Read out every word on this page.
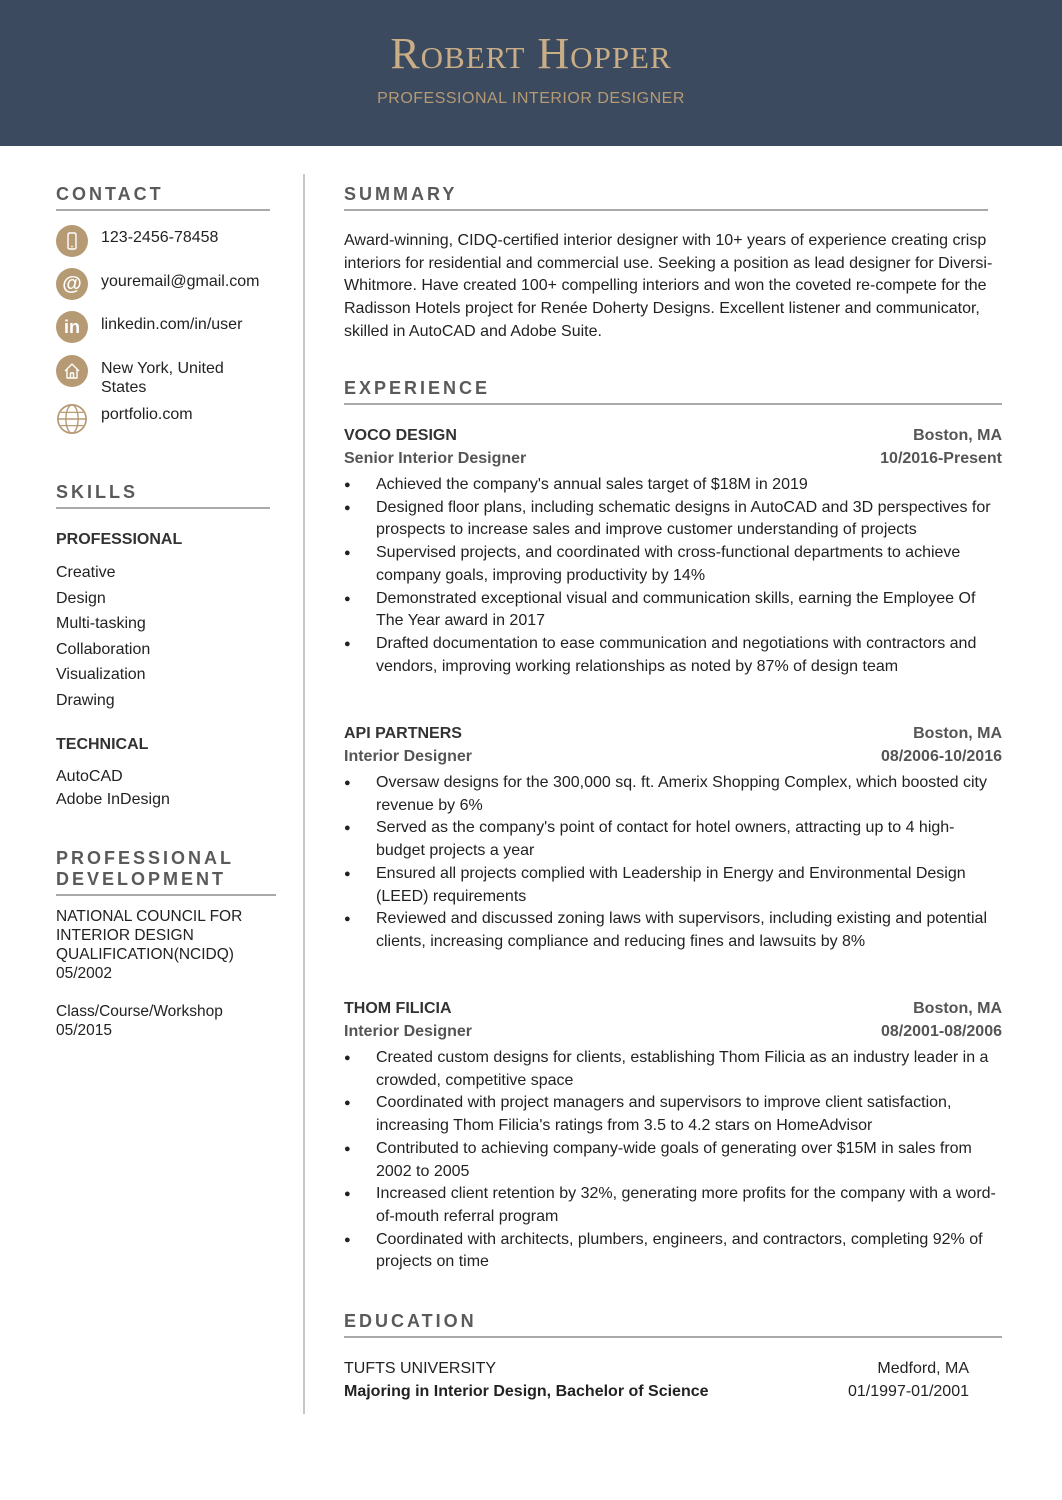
Robert Hopper
PROFESSIONAL INTERIOR DESIGNER
CONTACT
123-2456-78458
@ youremail@gmail.com
in linkedin.com/in/user
New York, United States
portfolio.com
SKILLS
PROFESSIONAL
Creative
Design
Multi-tasking
Collaboration
Visualization
Drawing
TECHNICAL
AutoCAD
Adobe InDesign
PROFESSIONAL DEVELOPMENT
NATIONAL COUNCIL FOR INTERIOR DESIGN QUALIFICATION(NCIDQ)
05/2002
Class/Course/Workshop
05/2015
SUMMARY
Award-winning, CIDQ-certified interior designer with 10+ years of experience creating crisp interiors for residential and commercial use. Seeking a position as lead designer for Diversi-Whitmore. Have created 100+ compelling interiors and won the coveted re-compete for the Radisson Hotels project for Renée Doherty Designs. Excellent listener and communicator, skilled in AutoCAD and Adobe Suite.
EXPERIENCE
VOCO DESIGN	Boston, MA
Senior Interior Designer	10/2016-Present
● Achieved the company's annual sales target of $18M in 2019
● Designed floor plans, including schematic designs in AutoCAD and 3D perspectives for prospects to increase sales and improve customer understanding of projects
● Supervised projects, and coordinated with cross-functional departments to achieve company goals, improving productivity by 14%
● Demonstrated exceptional visual and communication skills, earning the Employee Of The Year award in 2017
● Drafted documentation to ease communication and negotiations with contractors and vendors, improving working relationships as noted by 87% of design team
API PARTNERS	Boston, MA
Interior Designer	08/2006-10/2016
● Oversaw designs for the 300,000 sq. ft. Amerix Shopping Complex, which boosted city revenue by 6%
● Served as the company's point of contact for hotel owners, attracting up to 4 high-budget projects a year
● Ensured all projects complied with Leadership in Energy and Environmental Design (LEED) requirements
● Reviewed and discussed zoning laws with supervisors, including existing and potential clients, increasing compliance and reducing fines and lawsuits by 8%
THOM FILICIA	Boston, MA
Interior Designer	08/2001-08/2006
● Created custom designs for clients, establishing Thom Filicia as an industry leader in a crowded, competitive space
● Coordinated with project managers and supervisors to improve client satisfaction, increasing Thom Filicia's ratings from 3.5 to 4.2 stars on HomeAdvisor
● Contributed to achieving company-wide goals of generating over $15M in sales from 2002 to 2005
● Increased client retention by 32%, generating more profits for the company with a word-of-mouth referral program
● Coordinated with architects, plumbers, engineers, and contractors, completing 92% of projects on time
EDUCATION
TUFTS UNIVERSITY	Medford, MA
Majoring in Interior Design, Bachelor of Science	01/1997-01/2001
